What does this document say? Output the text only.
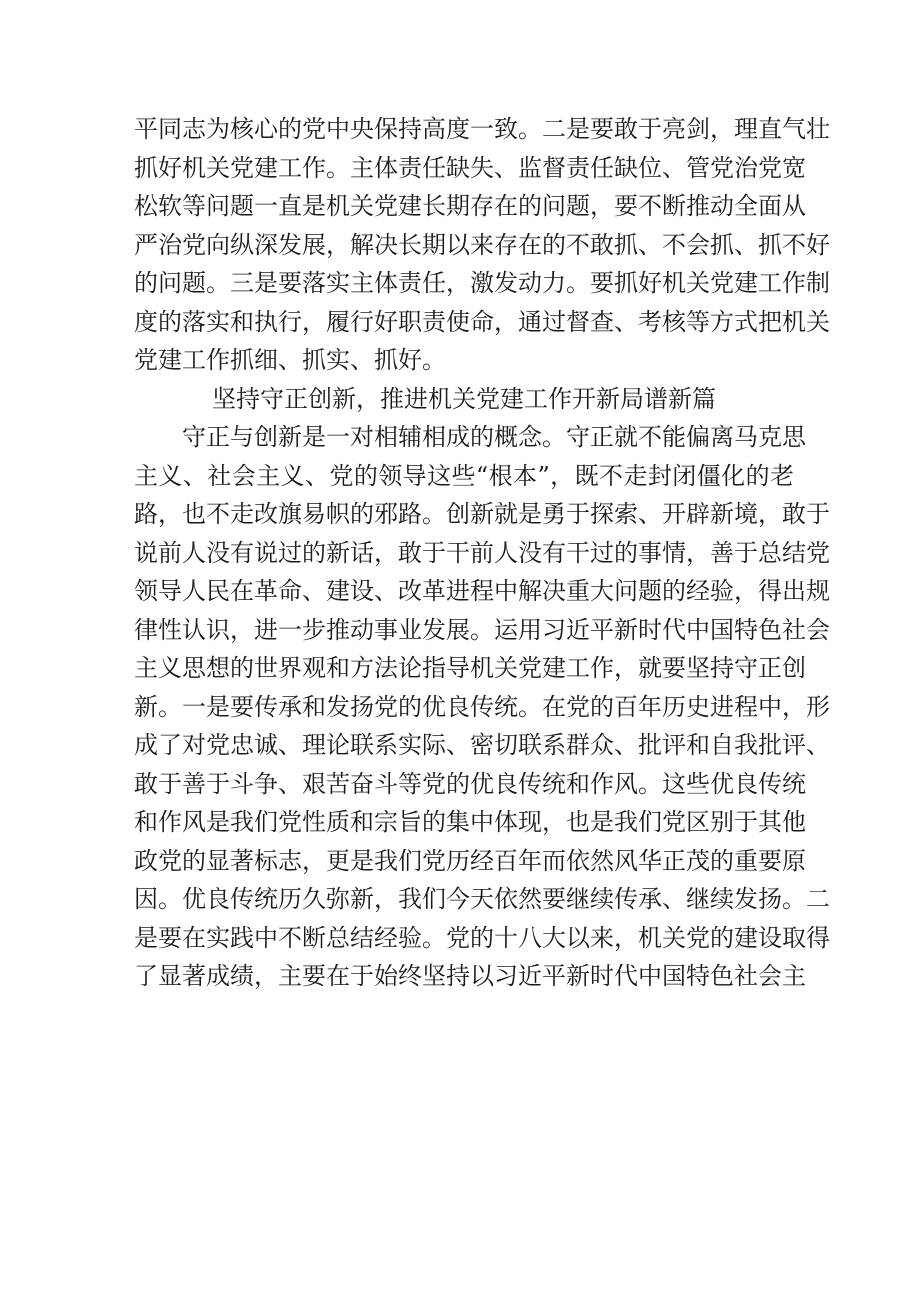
平同志为核心的党中央保持高度一致。二是要敢于亮剑，理直气壮
抓好机关党建工作。主体责任缺失、监督责任缺位、管党治党宽
松软等问题一直是机关党建长期存在的问题，要不断推动全面从
严治党向纵深发展，解决长期以来存在的不敢抓、不会抓、抓不好
的问题。三是要落实主体责任，激发动力。要抓好机关党建工作制
度的落实和执行，履行好职责使命，通过督查、考核等方式把机关
党建工作抓细、抓实、抓好。

坚持守正创新，推进机关党建工作开新局谱新篇

守正与创新是一对相辅相成的概念。守正就不能偏离马克思
主义、社会主义、党的领导这些“根本”，既不走封闭僵化的老
路，也不走改旗易帜的邪路。创新就是勇于探索、开辟新境，敢于
说前人没有说过的新话，敢于干前人没有干过的事情，善于总结党
领导人民在革命、建设、改革进程中解决重大问题的经验，得出规
律性认识，进一步推动事业发展。运用习近平新时代中国特色社会
主义思想的世界观和方法论指导机关党建工作，就要坚持守正创
新。一是要传承和发扬党的优良传统。在党的百年历史进程中，形
成了对党忠诚、理论联系实际、密切联系群众、批评和自我批评、
敢于善于斗争、艰苦奋斗等党的优良传统和作风。这些优良传统
和作风是我们党性质和宗旨的集中体现，也是我们党区别于其他
政党的显著标志，更是我们党历经百年而依然风华正茂的重要原
因。优良传统历久弥新，我们今天依然要继续传承、继续发扬。二
是要在实践中不断总结经验。党的十八大以来，机关党的建设取得
了显著成绩，主要在于始终坚持以习近平新时代中国特色社会主
